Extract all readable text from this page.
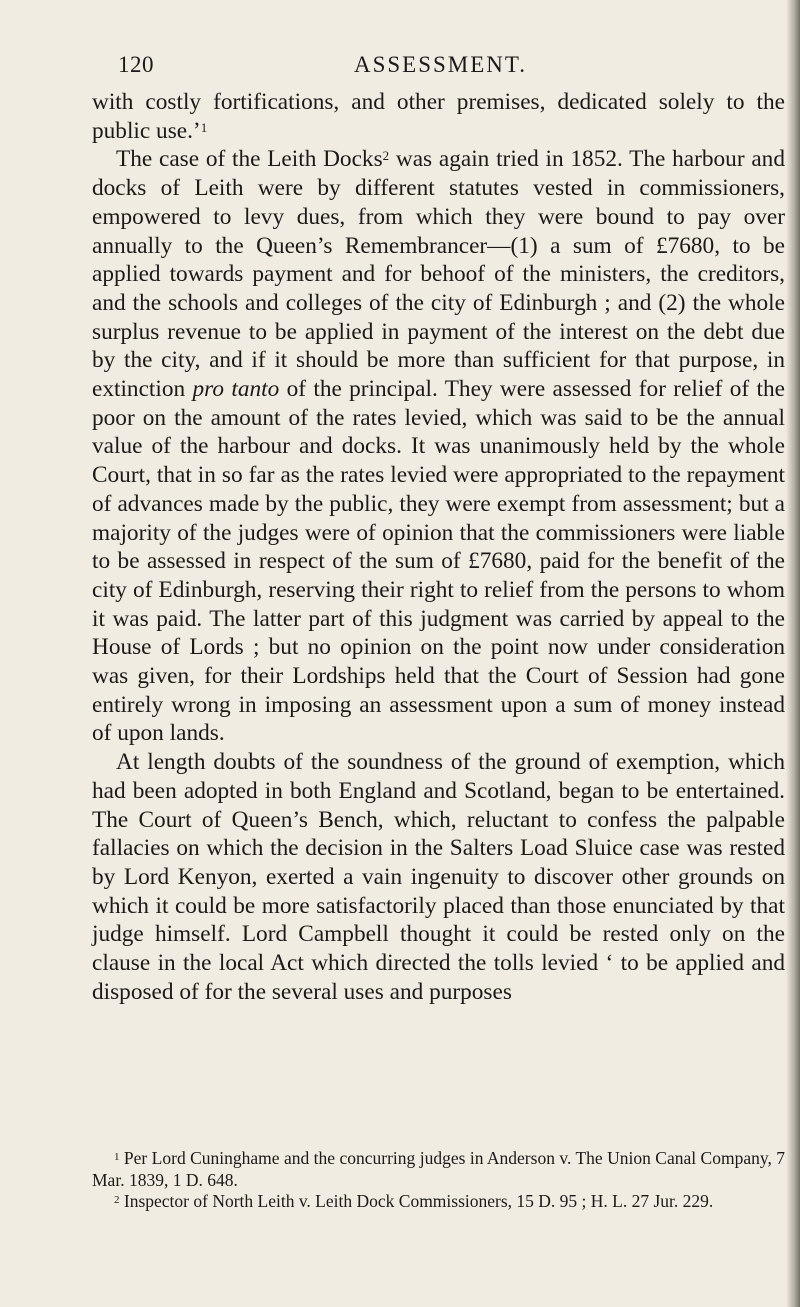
120	ASSESSMENT.

with costly fortifications, and other premises, dedicated solely to the public use.’$^1$

The case of the Leith Docks$^2$ was again tried in 1852. The harbour and docks of Leith were by different statutes vested in commissioners, empowered to levy dues, from which they were bound to pay over annually to the Queen’s Remembrancer—(1) a sum of £7680, to be applied towards payment and for behoof of the ministers, the creditors, and the schools and colleges of the city of Edinburgh ; and (2) the whole surplus revenue to be applied in payment of the interest on the debt due by the city, and if it should be more than sufficient for that purpose, in extinction pro tanto of the principal. They were assessed for relief of the poor on the amount of the rates levied, which was said to be the annual value of the harbour and docks. It was unanimously held by the whole Court, that in so far as the rates levied were appropriated to the repayment of advances made by the public, they were exempt from assessment; but a majority of the judges were of opinion that the commissioners were liable to be assessed in respect of the sum of £7680, paid for the benefit of the city of Edinburgh, reserving their right to relief from the persons to whom it was paid. The latter part of this judgment was carried by appeal to the House of Lords ; but no opinion on the point now under consideration was given, for their Lordships held that the Court of Session had gone entirely wrong in imposing an assessment upon a sum of money instead of upon lands.

At length doubts of the soundness of the ground of exemption, which had been adopted in both England and Scotland, began to be entertained. The Court of Queen’s Bench, which, reluctant to confess the palpable fallacies on which the decision in the Salters Load Sluice case was rested by Lord Kenyon, exerted a vain ingenuity to discover other grounds on which it could be more satisfactorily placed than those enunciated by that judge himself. Lord Campbell thought it could be rested only on the clause in the local Act which directed the tolls levied ‘ to be applied and disposed of for the several uses and purposes

$^1$ Per Lord Cuninghame and the concurring judges in Anderson v. The Union Canal Company, 7 Mar. 1839, 1 D. 648.

$^2$ Inspector of North Leith v. Leith Dock Commissioners, 15 D. 95 ; H. L. 27 Jur. 229.
